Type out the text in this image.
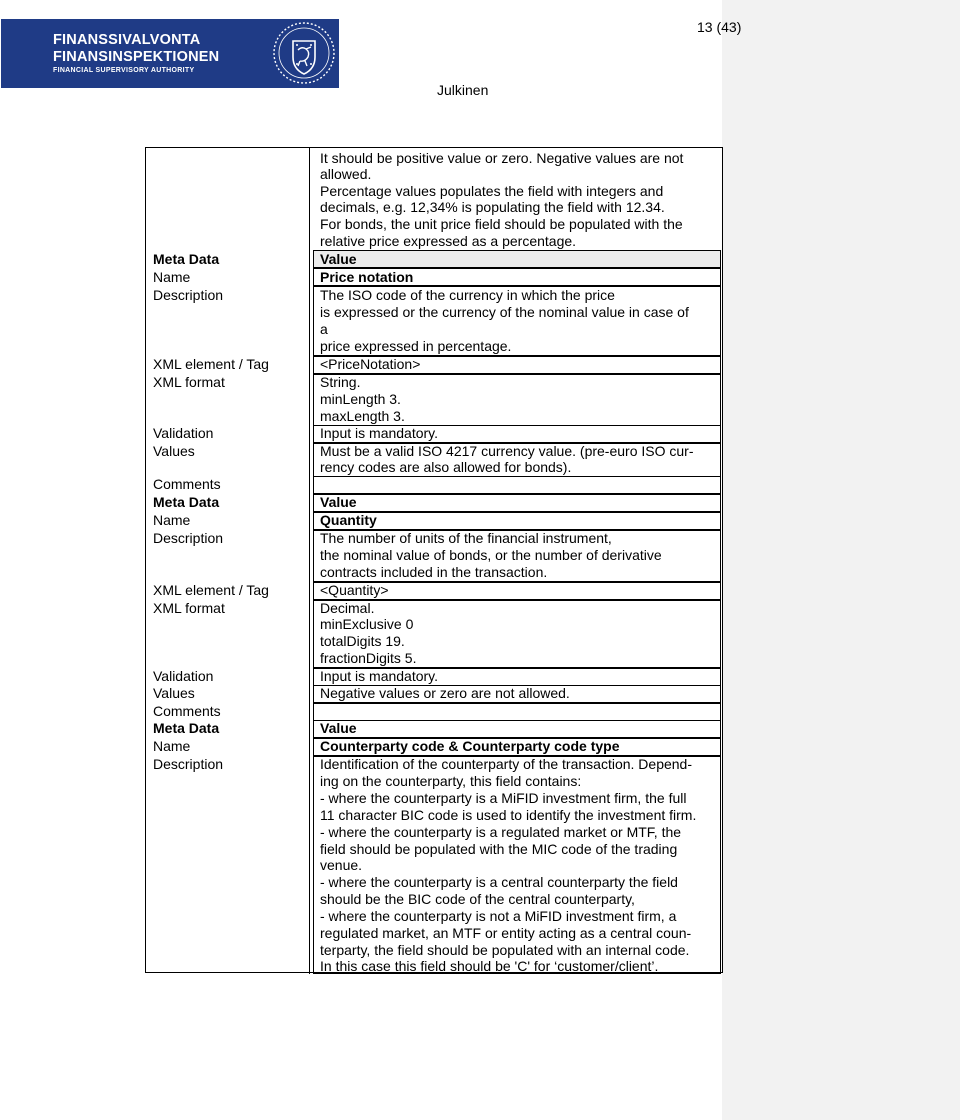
FINANSSIVALVONTA
FINANSINSPEKTIONEN
FINANCIAL SUPERVISORY AUTHORITY
13 (43)
Julkinen
It should be positive value or zero. Negative values are not
allowed.
Percentage values populates the field with integers and
decimals, e.g. 12,34% is populating the field with 12.34.
For bonds, the unit price field should be populated with the
relative price expressed as a percentage.
Meta Data	Value
Name	Price notation
Description	The ISO code of the currency in which the price
is expressed or the currency of the nominal value in case of
a
price expressed in percentage.
XML element / Tag	<PriceNotation>
XML format	String.
minLength 3.
maxLength 3.
Validation	Input is mandatory.
Values	Must be a valid ISO 4217 currency value. (pre-euro ISO cur-
rency codes are also allowed for bonds).
Comments
Meta Data	Value
Name	Quantity
Description	The number of units of the financial instrument,
the nominal value of bonds, or the number of derivative
contracts included in the transaction.
XML element / Tag	<Quantity>
XML format	Decimal.
minExclusive 0
totalDigits 19.
fractionDigits 5.
Validation	Input is mandatory.
Values	Negative values or zero are not allowed.
Comments
Meta Data	Value
Name	Counterparty code & Counterparty code type
Description	Identification of the counterparty of the transaction. Depend-
ing on the counterparty, this field contains:
- where the counterparty is a MiFID investment firm, the full
11 character BIC code is used to identify the investment firm.
- where the counterparty is a regulated market or MTF, the
field should be populated with the MIC code of the trading
venue.
- where the counterparty is a central counterparty the field
should be the BIC code of the central counterparty,
- where the counterparty is not a MiFID investment firm, a
regulated market, an MTF or entity acting as a central coun-
terparty, the field should be populated with an internal code.
In this case this field should be 'C' for ‘customer/client’.
